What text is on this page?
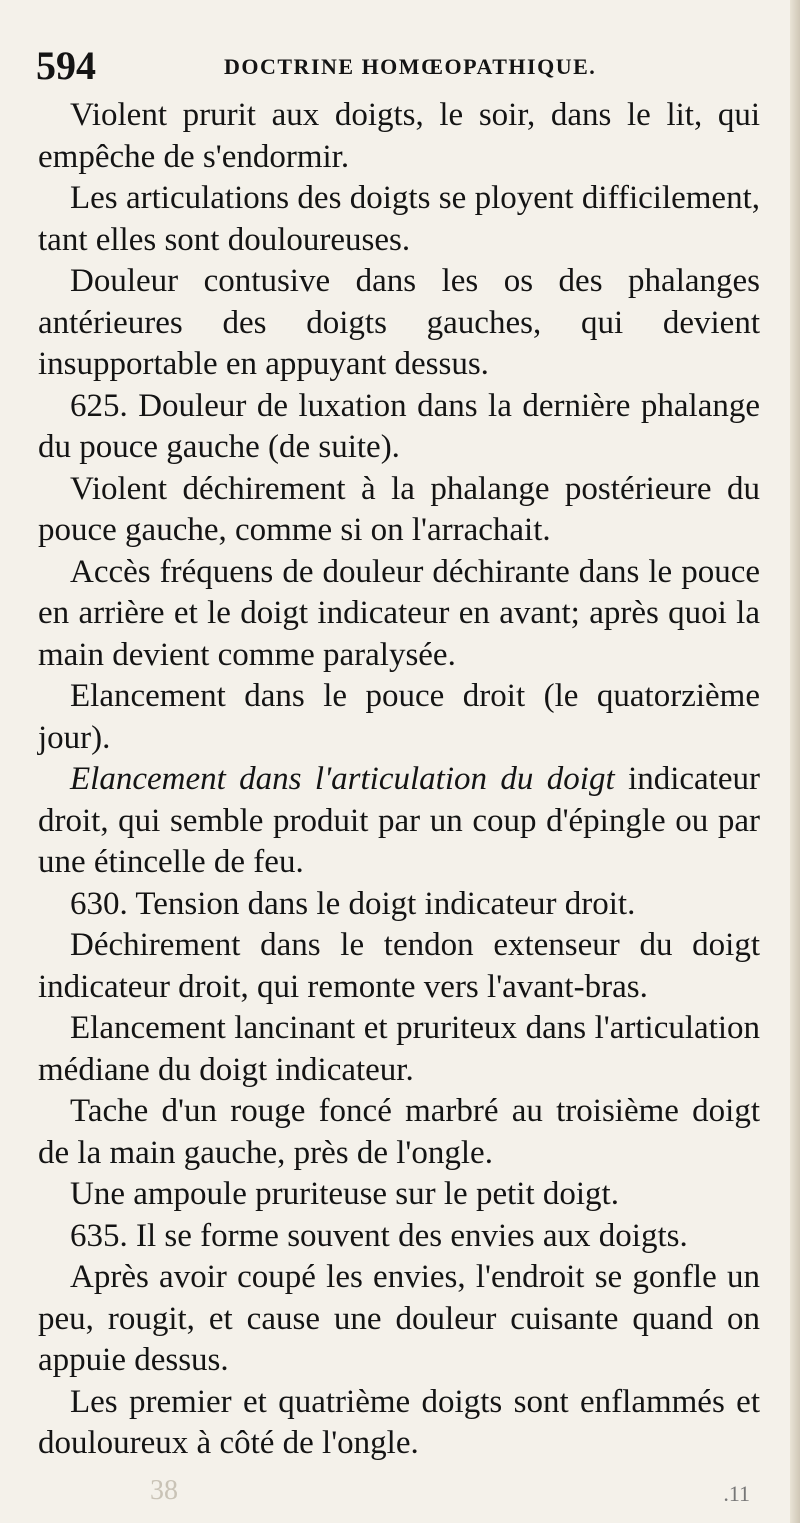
594	DOCTRINE HOMŒOPATHIQUE.

Violent prurit aux doigts, le soir, dans le lit, qui empêche de s'endormir.

Les articulations des doigts se ployent difficilement, tant elles sont douloureuses.

Douleur contusive dans les os des phalanges antérieures des doigts gauches, qui devient insupportable en appuyant dessus.

625. Douleur de luxation dans la dernière phalange du pouce gauche (de suite).

Violent déchirement à la phalange postérieure du pouce gauche, comme si on l'arrachait.

Accès fréquens de douleur déchirante dans le pouce en arrière et le doigt indicateur en avant; après quoi la main devient comme paralysée.

Elancement dans le pouce droit (le quatorzième jour).

Elancement dans l'articulation du doigt indicateur droit, qui semble produit par un coup d'épingle ou par une étincelle de feu.

630. Tension dans le doigt indicateur droit.

Déchirement dans le tendon extenseur du doigt indicateur droit, qui remonte vers l'avant-bras.

Elancement lancinant et pruriteux dans l'articulation médiane du doigt indicateur.

Tache d'un rouge foncé marbré au troisième doigt de la main gauche, près de l'ongle.

Une ampoule pruriteuse sur le petit doigt.

635. Il se forme souvent des envies aux doigts.

Après avoir coupé les envies, l'endroit se gonfle un peu, rougit, et cause une douleur cuisante quand on appuie dessus.

Les premier et quatrième doigts sont enflammés et douloureux à côté de l'ongle.

38	.11
